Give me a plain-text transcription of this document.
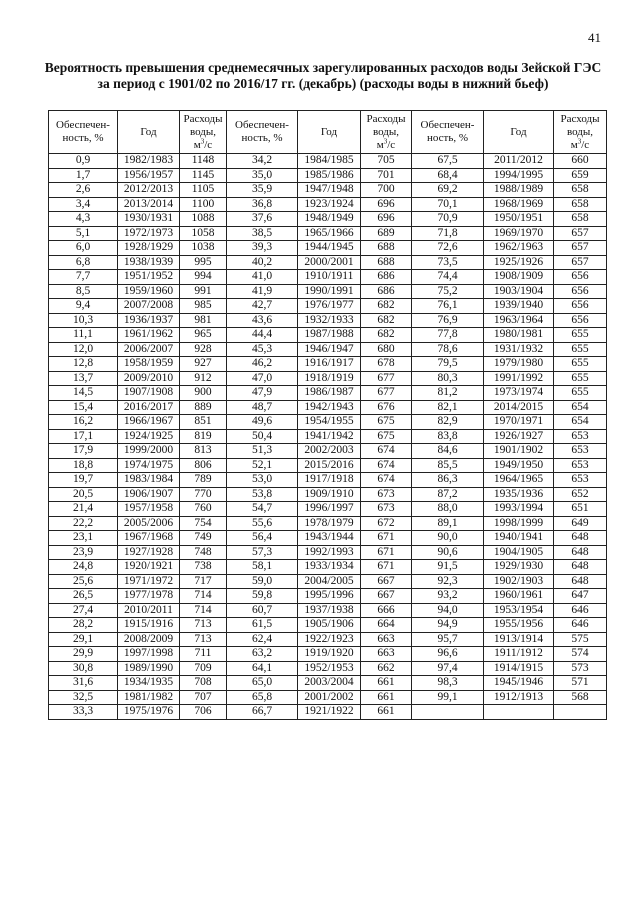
41
Вероятность превышения среднемесячных зарегулированных расходов воды Зейской ГЭС
за период с 1901/02 по 2016/17 гг. (декабрь) (расходы воды в нижний бьеф)
Обеспечен-
ность, %	Год	Расходы
воды,
$м^3/с$	Обеспечен-
ность, %	Год	Расходы
воды,
$м^3/с$	Обеспечен-
ность, %	Год	Расходы
воды,
$м^3/с$
0,9	1982/1983	1148	34,2	1984/1985	705	67,5	2011/2012	660
1,7	1956/1957	1145	35,0	1985/1986	701	68,4	1994/1995	659
2,6	2012/2013	1105	35,9	1947/1948	700	69,2	1988/1989	658
3,4	2013/2014	1100	36,8	1923/1924	696	70,1	1968/1969	658
4,3	1930/1931	1088	37,6	1948/1949	696	70,9	1950/1951	658
5,1	1972/1973	1058	38,5	1965/1966	689	71,8	1969/1970	657
6,0	1928/1929	1038	39,3	1944/1945	688	72,6	1962/1963	657
6,8	1938/1939	995	40,2	2000/2001	688	73,5	1925/1926	657
7,7	1951/1952	994	41,0	1910/1911	686	74,4	1908/1909	656
8,5	1959/1960	991	41,9	1990/1991	686	75,2	1903/1904	656
9,4	2007/2008	985	42,7	1976/1977	682	76,1	1939/1940	656
10,3	1936/1937	981	43,6	1932/1933	682	76,9	1963/1964	656
11,1	1961/1962	965	44,4	1987/1988	682	77,8	1980/1981	655
12,0	2006/2007	928	45,3	1946/1947	680	78,6	1931/1932	655
12,8	1958/1959	927	46,2	1916/1917	678	79,5	1979/1980	655
13,7	2009/2010	912	47,0	1918/1919	677	80,3	1991/1992	655
14,5	1907/1908	900	47,9	1986/1987	677	81,2	1973/1974	655
15,4	2016/2017	889	48,7	1942/1943	676	82,1	2014/2015	654
16,2	1966/1967	851	49,6	1954/1955	675	82,9	1970/1971	654
17,1	1924/1925	819	50,4	1941/1942	675	83,8	1926/1927	653
17,9	1999/2000	813	51,3	2002/2003	674	84,6	1901/1902	653
18,8	1974/1975	806	52,1	2015/2016	674	85,5	1949/1950	653
19,7	1983/1984	789	53,0	1917/1918	674	86,3	1964/1965	653
20,5	1906/1907	770	53,8	1909/1910	673	87,2	1935/1936	652
21,4	1957/1958	760	54,7	1996/1997	673	88,0	1993/1994	651
22,2	2005/2006	754	55,6	1978/1979	672	89,1	1998/1999	649
23,1	1967/1968	749	56,4	1943/1944	671	90,0	1940/1941	648
23,9	1927/1928	748	57,3	1992/1993	671	90,6	1904/1905	648
24,8	1920/1921	738	58,1	1933/1934	671	91,5	1929/1930	648
25,6	1971/1972	717	59,0	2004/2005	667	92,3	1902/1903	648
26,5	1977/1978	714	59,8	1995/1996	667	93,2	1960/1961	647
27,4	2010/2011	714	60,7	1937/1938	666	94,0	1953/1954	646
28,2	1915/1916	713	61,5	1905/1906	664	94,9	1955/1956	646
29,1	2008/2009	713	62,4	1922/1923	663	95,7	1913/1914	575
29,9	1997/1998	711	63,2	1919/1920	663	96,6	1911/1912	574
30,8	1989/1990	709	64,1	1952/1953	662	97,4	1914/1915	573
31,6	1934/1935	708	65,0	2003/2004	661	98,3	1945/1946	571
32,5	1981/1982	707	65,8	2001/2002	661	99,1	1912/1913	568
33,3	1975/1976	706	66,7	1921/1922	661			
